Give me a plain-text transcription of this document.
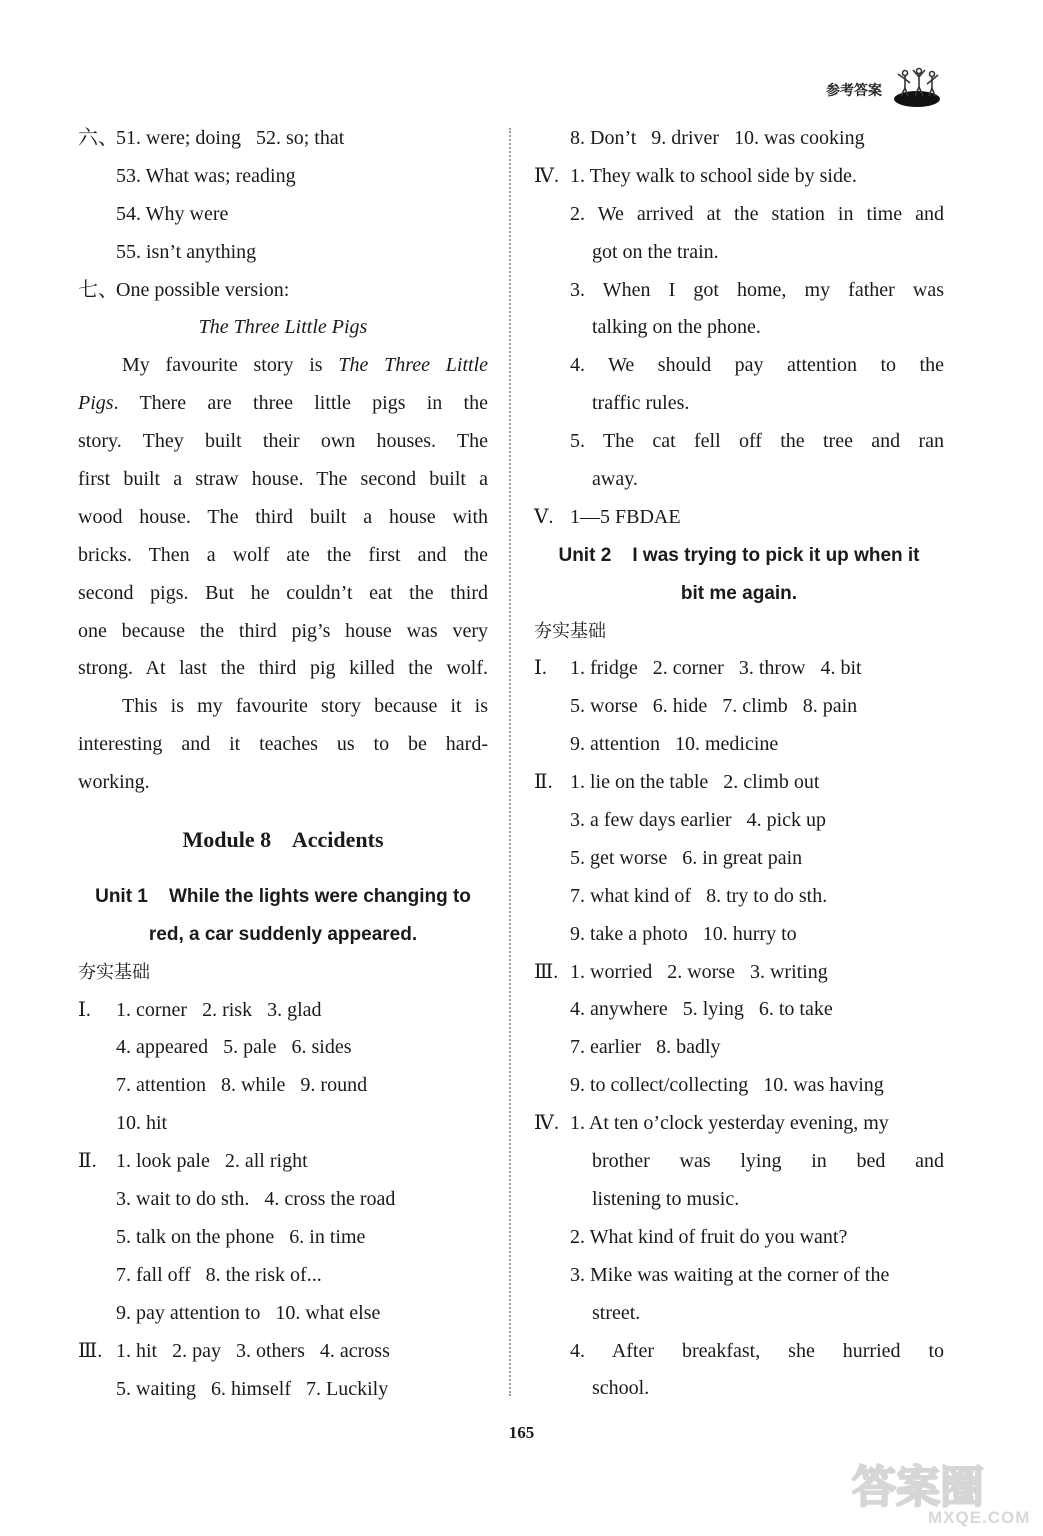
参考答案
六、
51. were; doing   52. so; that
53. What was; reading
54. Why were
55. isn’t anything
七、
One possible version:
The Three Little Pigs
My favourite story is The Three Little
Pigs. There are three little pigs in the
story. They built their own houses. The
first built a straw house. The second built a
wood house. The third built a house with
bricks. Then a wolf ate the first and the
second pigs. But he couldn’t eat the third
one because the third pig’s house was very
strong. At last the third pig killed the wolf.
This is my favourite story because it is
interesting and it teaches us to be hard-
working.
Module 8    Accidents
Unit 1    While the lights were changing to
red, a car suddenly appeared.
夯实基础
Ⅰ. 1. corner   2. risk   3. glad
4. appeared   5. pale   6. sides
7. attention   8. while   9. round
10. hit
Ⅱ. 1. look pale   2. all right
3. wait to do sth.   4. cross the road
5. talk on the phone   6. in time
7. fall off   8. the risk of...
9. pay attention to   10. what else
Ⅲ. 1. hit   2. pay   3. others   4. across
5. waiting   6. himself   7. Luckily
8. Don’t   9. driver   10. was cooking
Ⅳ. 1. They walk to school side by side.
2. We arrived at the station in time and
got on the train.
3. When I got home, my father was
talking on the phone.
4. We should pay attention to the
traffic rules.
5. The cat fell off the tree and ran
away.
Ⅴ. 1—5 FBDAE
Unit 2    I was trying to pick it up when it
bit me again.
夯实基础
Ⅰ. 1. fridge   2. corner   3. throw   4. bit
5. worse   6. hide   7. climb   8. pain
9. attention   10. medicine
Ⅱ. 1. lie on the table   2. climb out
3. a few days earlier   4. pick up
5. get worse   6. in great pain
7. what kind of   8. try to do sth.
9. take a photo   10. hurry to
Ⅲ. 1. worried   2. worse   3. writing
4. anywhere   5. lying   6. to take
7. earlier   8. badly
9. to collect/collecting   10. was having
Ⅳ. 1. At ten o’clock yesterday evening, my
brother was lying in bed and
listening to music.
2. What kind of fruit do you want?
3. Mike was waiting at the corner of the
street.
4. After breakfast, she hurried to
school.
165
答案圈
MXQE.COM
